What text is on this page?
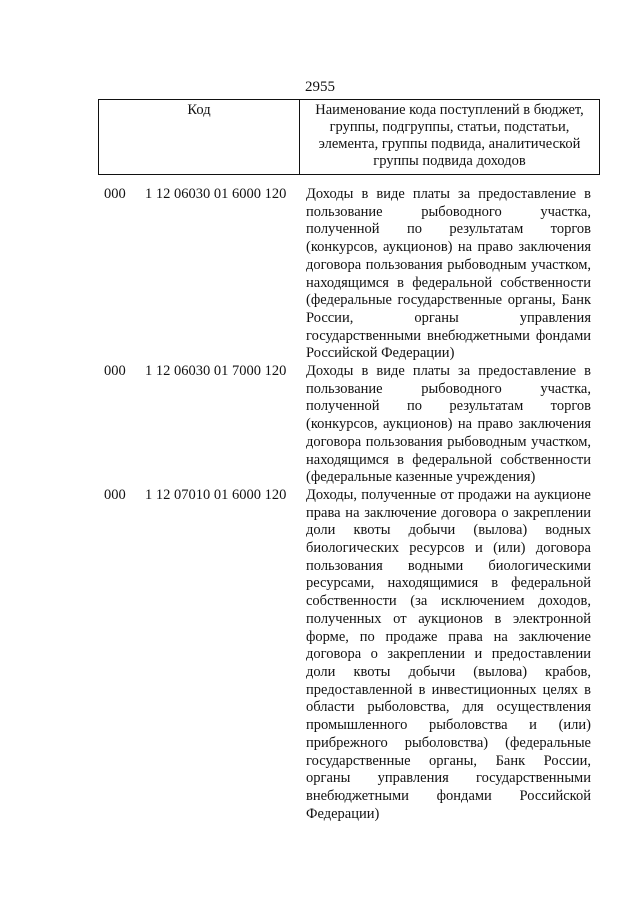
2955
Код	Наименование кода поступлений в бюджет, группы, подгруппы, статьи, подстатьи, элемента, группы подвида, аналитической группы подвида доходов
000 1 12 06030 01 6000 120 Доходы в виде платы за предоставление в пользование рыбоводного участка, полученной по результатам торгов (конкурсов, аукционов) на право заключения договора пользования рыбоводным участком, находящимся в федеральной собственности (федеральные государственные органы, Банк России, органы управления государственными внебюджетными фондами Российской Федерации)
000 1 12 06030 01 7000 120 Доходы в виде платы за предоставление в пользование рыбоводного участка, полученной по результатам торгов (конкурсов, аукционов) на право заключения договора пользования рыбоводным участком, находящимся в федеральной собственности (федеральные казенные учреждения)
000 1 12 07010 01 6000 120 Доходы, полученные от продажи на аукционе права на заключение договора о закреплении доли квоты добычи (вылова) водных биологических ресурсов и (или) договора пользования водными биологическими ресурсами, находящимися в федеральной собственности (за исключением доходов, полученных от аукционов в электронной форме, по продаже права на заключение договора о закреплении и предоставлении доли квоты добычи (вылова) крабов, предоставленной в инвестиционных целях в области рыболовства, для осуществления промышленного рыболовства и (или) прибрежного рыболовства) (федеральные государственные органы, Банк России, органы управления государственными внебюджетными фондами Российской Федерации)
